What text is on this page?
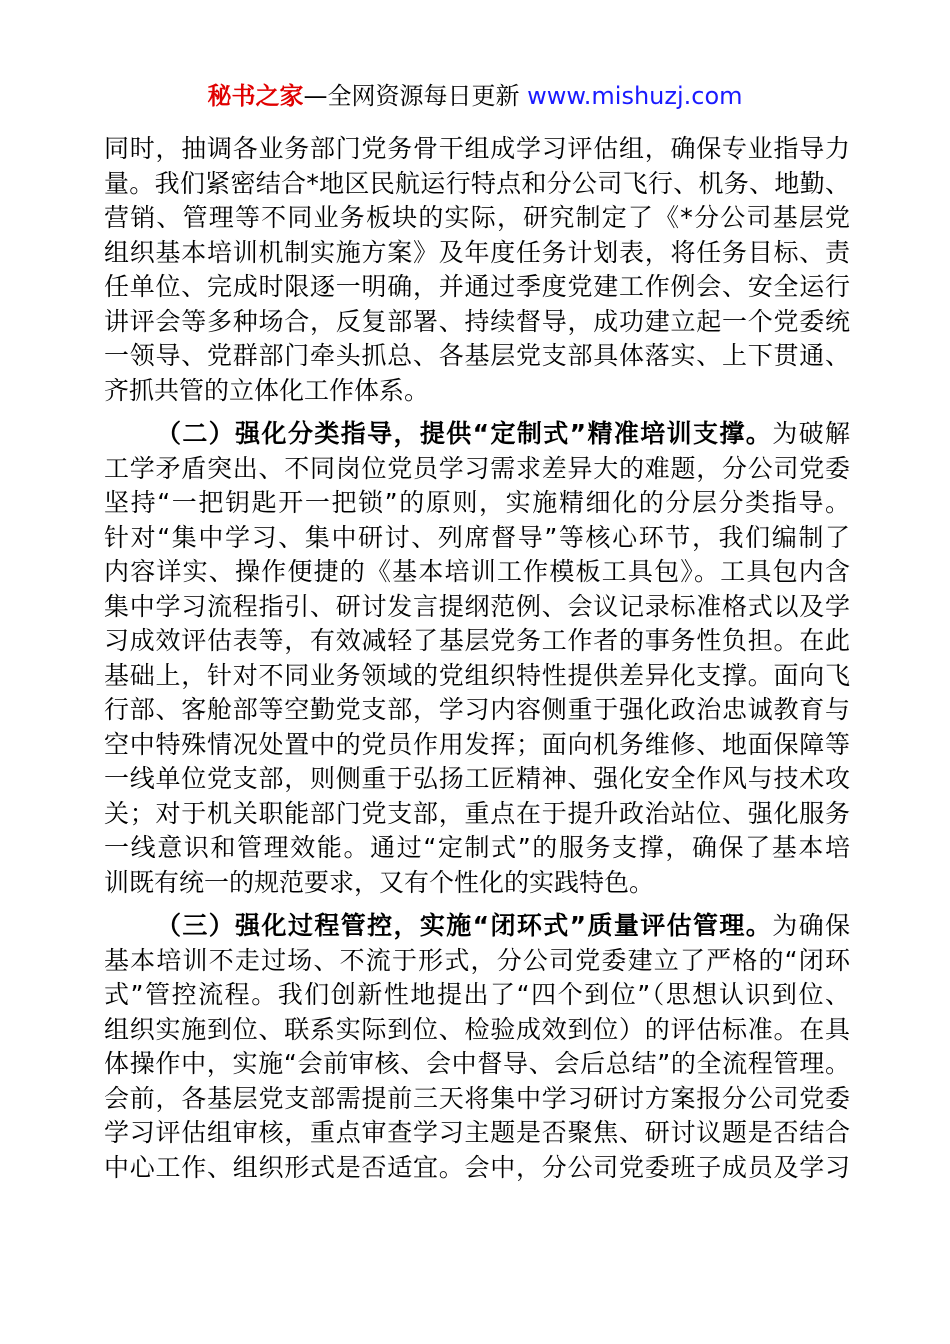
秘书之家—全网资源每日更新 www.mishuzj.com
同时，抽调各业务部门党务骨干组成学习评估组，确保专业指导力
量。我们紧密结合*地区民航运行特点和分公司飞行、机务、地勤、
营销、管理等不同业务板块的实际，研究制定了《*分公司基层党
组织基本培训机制实施方案》及年度任务计划表，将任务目标、责
任单位、完成时限逐一明确，并通过季度党建工作例会、安全运行
讲评会等多种场合，反复部署、持续督导，成功建立起一个党委统
一领导、党群部门牵头抓总、各基层党支部具体落实、上下贯通、
齐抓共管的立体化工作体系。
（二）强化分类指导，提供“定制式”精准培训支撑。为破解
工学矛盾突出、不同岗位党员学习需求差异大的难题，分公司党委
坚持“一把钥匙开一把锁”的原则，实施精细化的分层分类指导。
针对“集中学习、集中研讨、列席督导”等核心环节，我们编制了
内容详实、操作便捷的《基本培训工作模板工具包》。工具包内含
集中学习流程指引、研讨发言提纲范例、会议记录标准格式以及学
习成效评估表等，有效减轻了基层党务工作者的事务性负担。在此
基础上，针对不同业务领域的党组织特性提供差异化支撑。面向飞
行部、客舱部等空勤党支部，学习内容侧重于强化政治忠诚教育与
空中特殊情况处置中的党员作用发挥；面向机务维修、地面保障等
一线单位党支部，则侧重于弘扬工匠精神、强化安全作风与技术攻
关；对于机关职能部门党支部，重点在于提升政治站位、强化服务
一线意识和管理效能。通过“定制式”的服务支撑，确保了基本培
训既有统一的规范要求，又有个性化的实践特色。
（三）强化过程管控，实施“闭环式”质量评估管理。为确保
基本培训不走过场、不流于形式，分公司党委建立了严格的“闭环
式”管控流程。我们创新性地提出了“四个到位”（思想认识到位、
组织实施到位、联系实际到位、检验成效到位）的评估标准。在具
体操作中，实施“会前审核、会中督导、会后总结”的全流程管理。
会前，各基层党支部需提前三天将集中学习研讨方案报分公司党委
学习评估组审核，重点审查学习主题是否聚焦、研讨议题是否结合
中心工作、组织形式是否适宜。会中，分公司党委班子成员及学习
